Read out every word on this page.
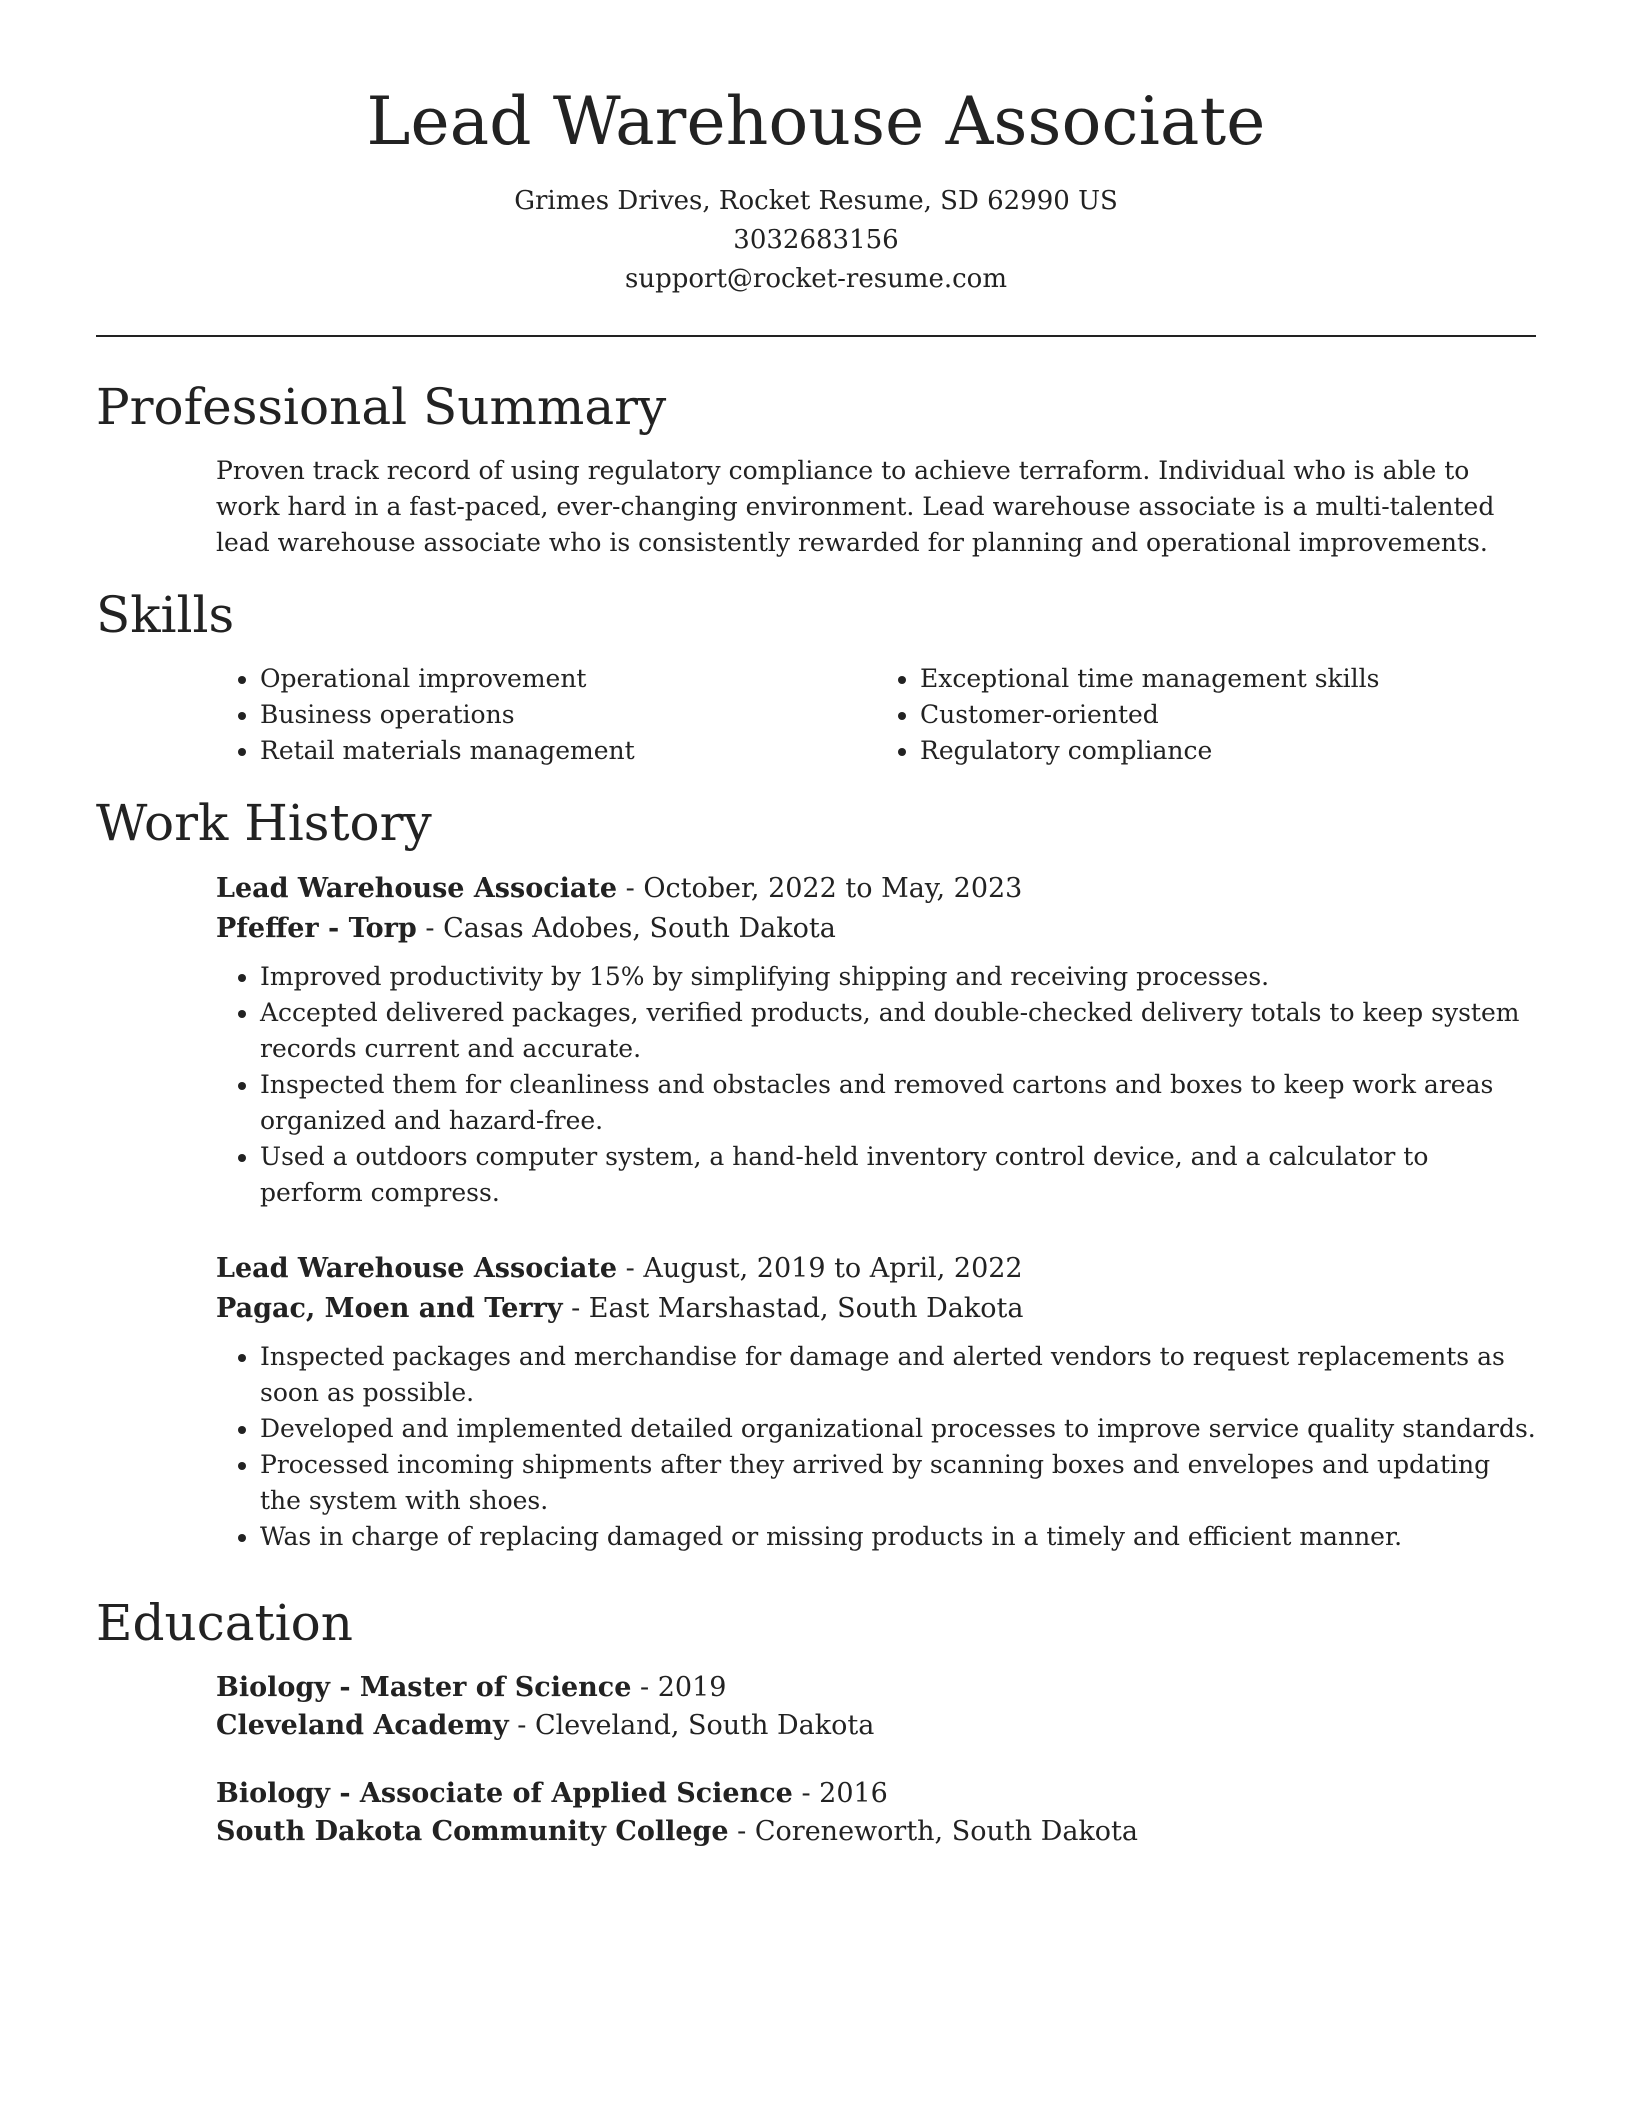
Lead Warehouse Associate

Grimes Drives, Rocket Resume, SD 62990 US

3032683156

support@rocket-resume.com

Professional Summary

Proven track record of using regulatory compliance to achieve terraform. Individual who is able to work hard in a fast-paced, ever-changing environment. Lead warehouse associate is a multi-talented lead warehouse associate who is consistently rewarded for planning and operational improvements.

Skills
• Operational improvement
• Business operations
• Retail materials management
• Exceptional time management skills
• Customer-oriented
• Regulatory compliance
Work History

Lead Warehouse Associate - October, 2022 to May, 2023

Pfeffer - Torp - Casas Adobes, South Dakota

• Improved productivity by 15% by simplifying shipping and receiving processes.
• Accepted delivered packages, verified products, and double-checked delivery totals to keep system records current and accurate.
• Inspected them for cleanliness and obstacles and removed cartons and boxes to keep work areas organized and hazard-free.
• Used a outdoors computer system, a hand-held inventory control device, and a calculator to perform compress.

Lead Warehouse Associate - August, 2019 to April, 2022

Pagac, Moen and Terry - East Marshastad, South Dakota

• Inspected packages and merchandise for damage and alerted vendors to request replacements as soon as possible.
• Developed and implemented detailed organizational processes to improve service quality standards.
• Processed incoming shipments after they arrived by scanning boxes and envelopes and updating the system with shoes.
• Was in charge of replacing damaged or missing products in a timely and efficient manner.
Education

Biology - Master of Science - 2019

Cleveland Academy - Cleveland, South Dakota

Biology - Associate of Applied Science - 2016

South Dakota Community College - Coreneworth, South Dakota
